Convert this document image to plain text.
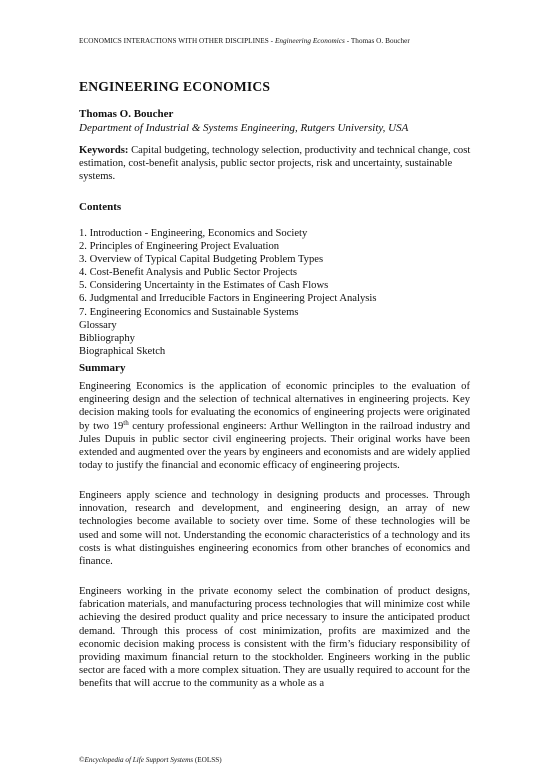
ECONOMICS INTERACTIONS WITH OTHER DISCIPLINES - Engineering Economics - Thomas O. Boucher
ENGINEERING ECONOMICS
Thomas O. Boucher
Department of Industrial & Systems Engineering, Rutgers University, USA
Keywords: Capital budgeting, technology selection, productivity and technical change, cost estimation, cost-benefit analysis, public sector projects, risk and uncertainty, sustainable systems.
Contents
1. Introduction - Engineering, Economics and Society
2. Principles of Engineering Project Evaluation
3. Overview of Typical Capital Budgeting Problem Types
4. Cost-Benefit Analysis and Public Sector Projects
5. Considering Uncertainty in the Estimates of Cash Flows
6. Judgmental and Irreducible Factors in Engineering Project Analysis
7. Engineering Economics and Sustainable Systems
Glossary
Bibliography
Biographical Sketch
Summary

Engineering Economics is the application of economic principles to the evaluation of engineering design and the selection of technical alternatives in engineering projects. Key decision making tools for evaluating the economics of engineering projects were originated by two 19th century professional engineers: Arthur Wellington in the railroad industry and Jules Dupuis in public sector civil engineering projects. Their original works have been extended and augmented over the years by engineers and economists and are widely applied today to justify the financial and economic efficacy of engineering projects.

Engineers apply science and technology in designing products and processes. Through innovation, research and development, and engineering design, an array of new technologies become available to society over time. Some of these technologies will be used and some will not. Understanding the economic characteristics of a technology and its costs is what distinguishes engineering economics from other branches of economics and finance.

Engineers working in the private economy select the combination of product designs, fabrication materials, and manufacturing process technologies that will minimize cost while achieving the desired product quality and price necessary to insure the anticipated product demand. Through this process of cost minimization, profits are maximized and the economic decision making process is consistent with the firm’s fiduciary responsibility of providing maximum financial return to the stockholder. Engineers working in the public sector are faced with a more complex situation. They are usually required to account for the benefits that will accrue to the community as a whole as a

©Encyclopedia of Life Support Systems (EOLSS)
